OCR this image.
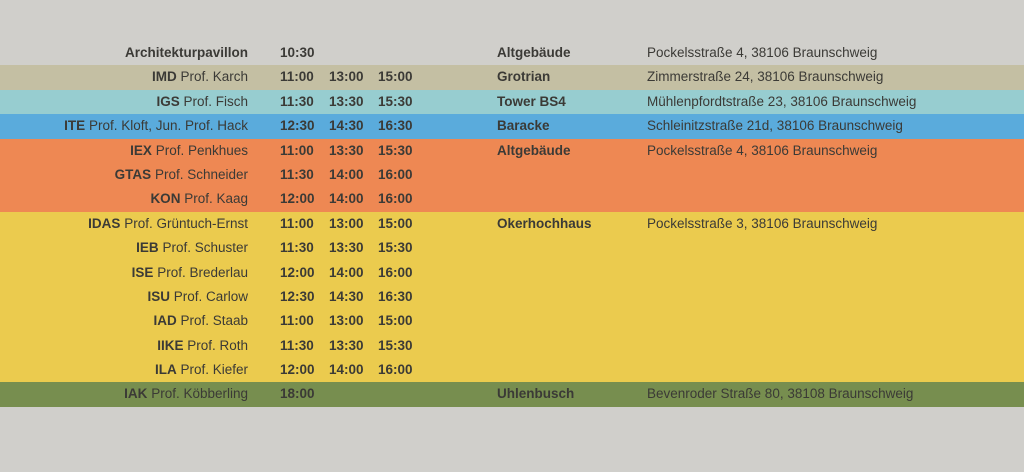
Architekturpavillon 10:30	Altgebäude	Pockelsstraße 4, 38106 Braunschweig
IMD Prof. Karch 11:00 13:00 15:00	Grotrian	Zimmerstraße 24, 38106 Braunschweig
IGS Prof. Fisch 11:30 13:30 15:30	Tower BS4	Mühlenpfordtstraße 23, 38106 Braunschweig
ITE Prof. Kloft, Jun. Prof. Hack 12:30 14:30 16:30	Baracke	Schleinitzstraße 21d, 38106 Braunschweig
IEX Prof. Penkhues 11:00 13:30 15:30	Altgebäude	Pockelsstraße 4, 38106 Braunschweig
GTAS Prof. Schneider 11:30 14:00 16:00
KON Prof. Kaag 12:00 14:00 16:00
IDAS Prof. Grüntuch-Ernst 11:00 13:00 15:00	Okerhochhaus	Pockelsstraße 3, 38106 Braunschweig
IEB Prof. Schuster 11:30 13:30 15:30
ISE Prof. Brederlau 12:00 14:00 16:00
ISU Prof. Carlow 12:30 14:30 16:30
IAD Prof. Staab 11:00 13:00 15:00
IIKE Prof. Roth 11:30 13:30 15:30
ILA Prof. Kiefer 12:00 14:00 16:00
IAK Prof. Köbberling 18:00	Uhlenbusch	Bevenroder Straße 80, 38108 Braunschweig
